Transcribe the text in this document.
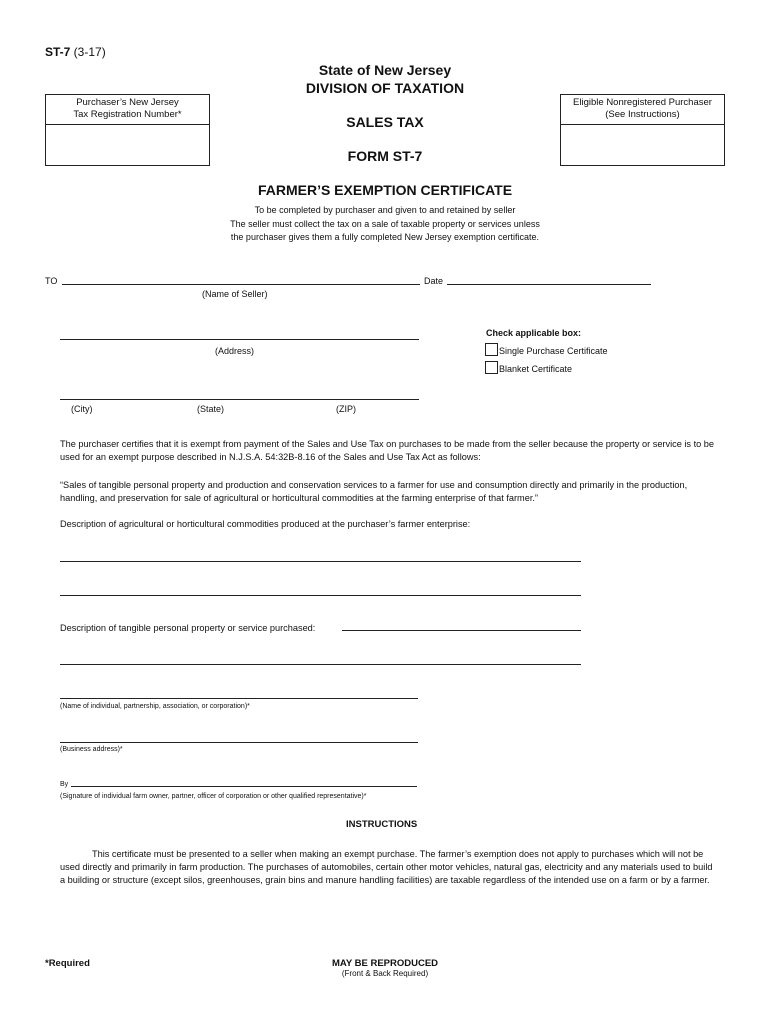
ST-7 (3-17)
State of New Jersey
DIVISION OF TAXATION
SALES TAX
FORM ST-7
Purchaser’s New Jersey
Tax Registration Number*
Eligible Nonregistered Purchaser
(See Instructions)
FARMER’S EXEMPTION CERTIFICATE
To be completed by purchaser and given to and retained by seller
The seller must collect the tax on a sale of taxable property or services unless
the purchaser gives them a fully completed New Jersey exemption certificate.
TO	Date
(Name of Seller)
(Address)
Check applicable box:
Single Purchase Certificate
Blanket Certificate
(City)	(State)	(ZIP)

The purchaser certifies that it is exempt from payment of the Sales and Use Tax on purchases to be made from the seller because the property or service is to be used for an exempt purpose described in N.J.S.A. 54:32B-8.16 of the Sales and Use Tax Act as follows:

“Sales of tangible personal property and production and conservation services to a farmer for use and consumption directly and primarily in the production, handling, and preservation for sale of agricultural or horticultural commodities at the farming enterprise of that farmer.”

Description of agricultural or horticultural commodities produced at the purchaser’s farmer enterprise:
Description of tangible personal property or service purchased:
(Name of individual, partnership, association, or corporation)*
(Business address)*
By
(Signature of individual farm owner, partner, officer of corporation or other qualified representative)*
INSTRUCTIONS

This certificate must be presented to a seller when making an exempt purchase. The farmer’s exemption does not apply to purchases which will not be used directly and primarily in farm production. The purchases of automobiles, certain other motor vehicles, natural gas, electricity and any materials used to build a building or structure (except silos, greenhouses, grain bins and manure handling facilities) are taxable regardless of the intended use on a farm or by a farmer.

*Required	MAY BE REPRODUCED
(Front & Back Required)
